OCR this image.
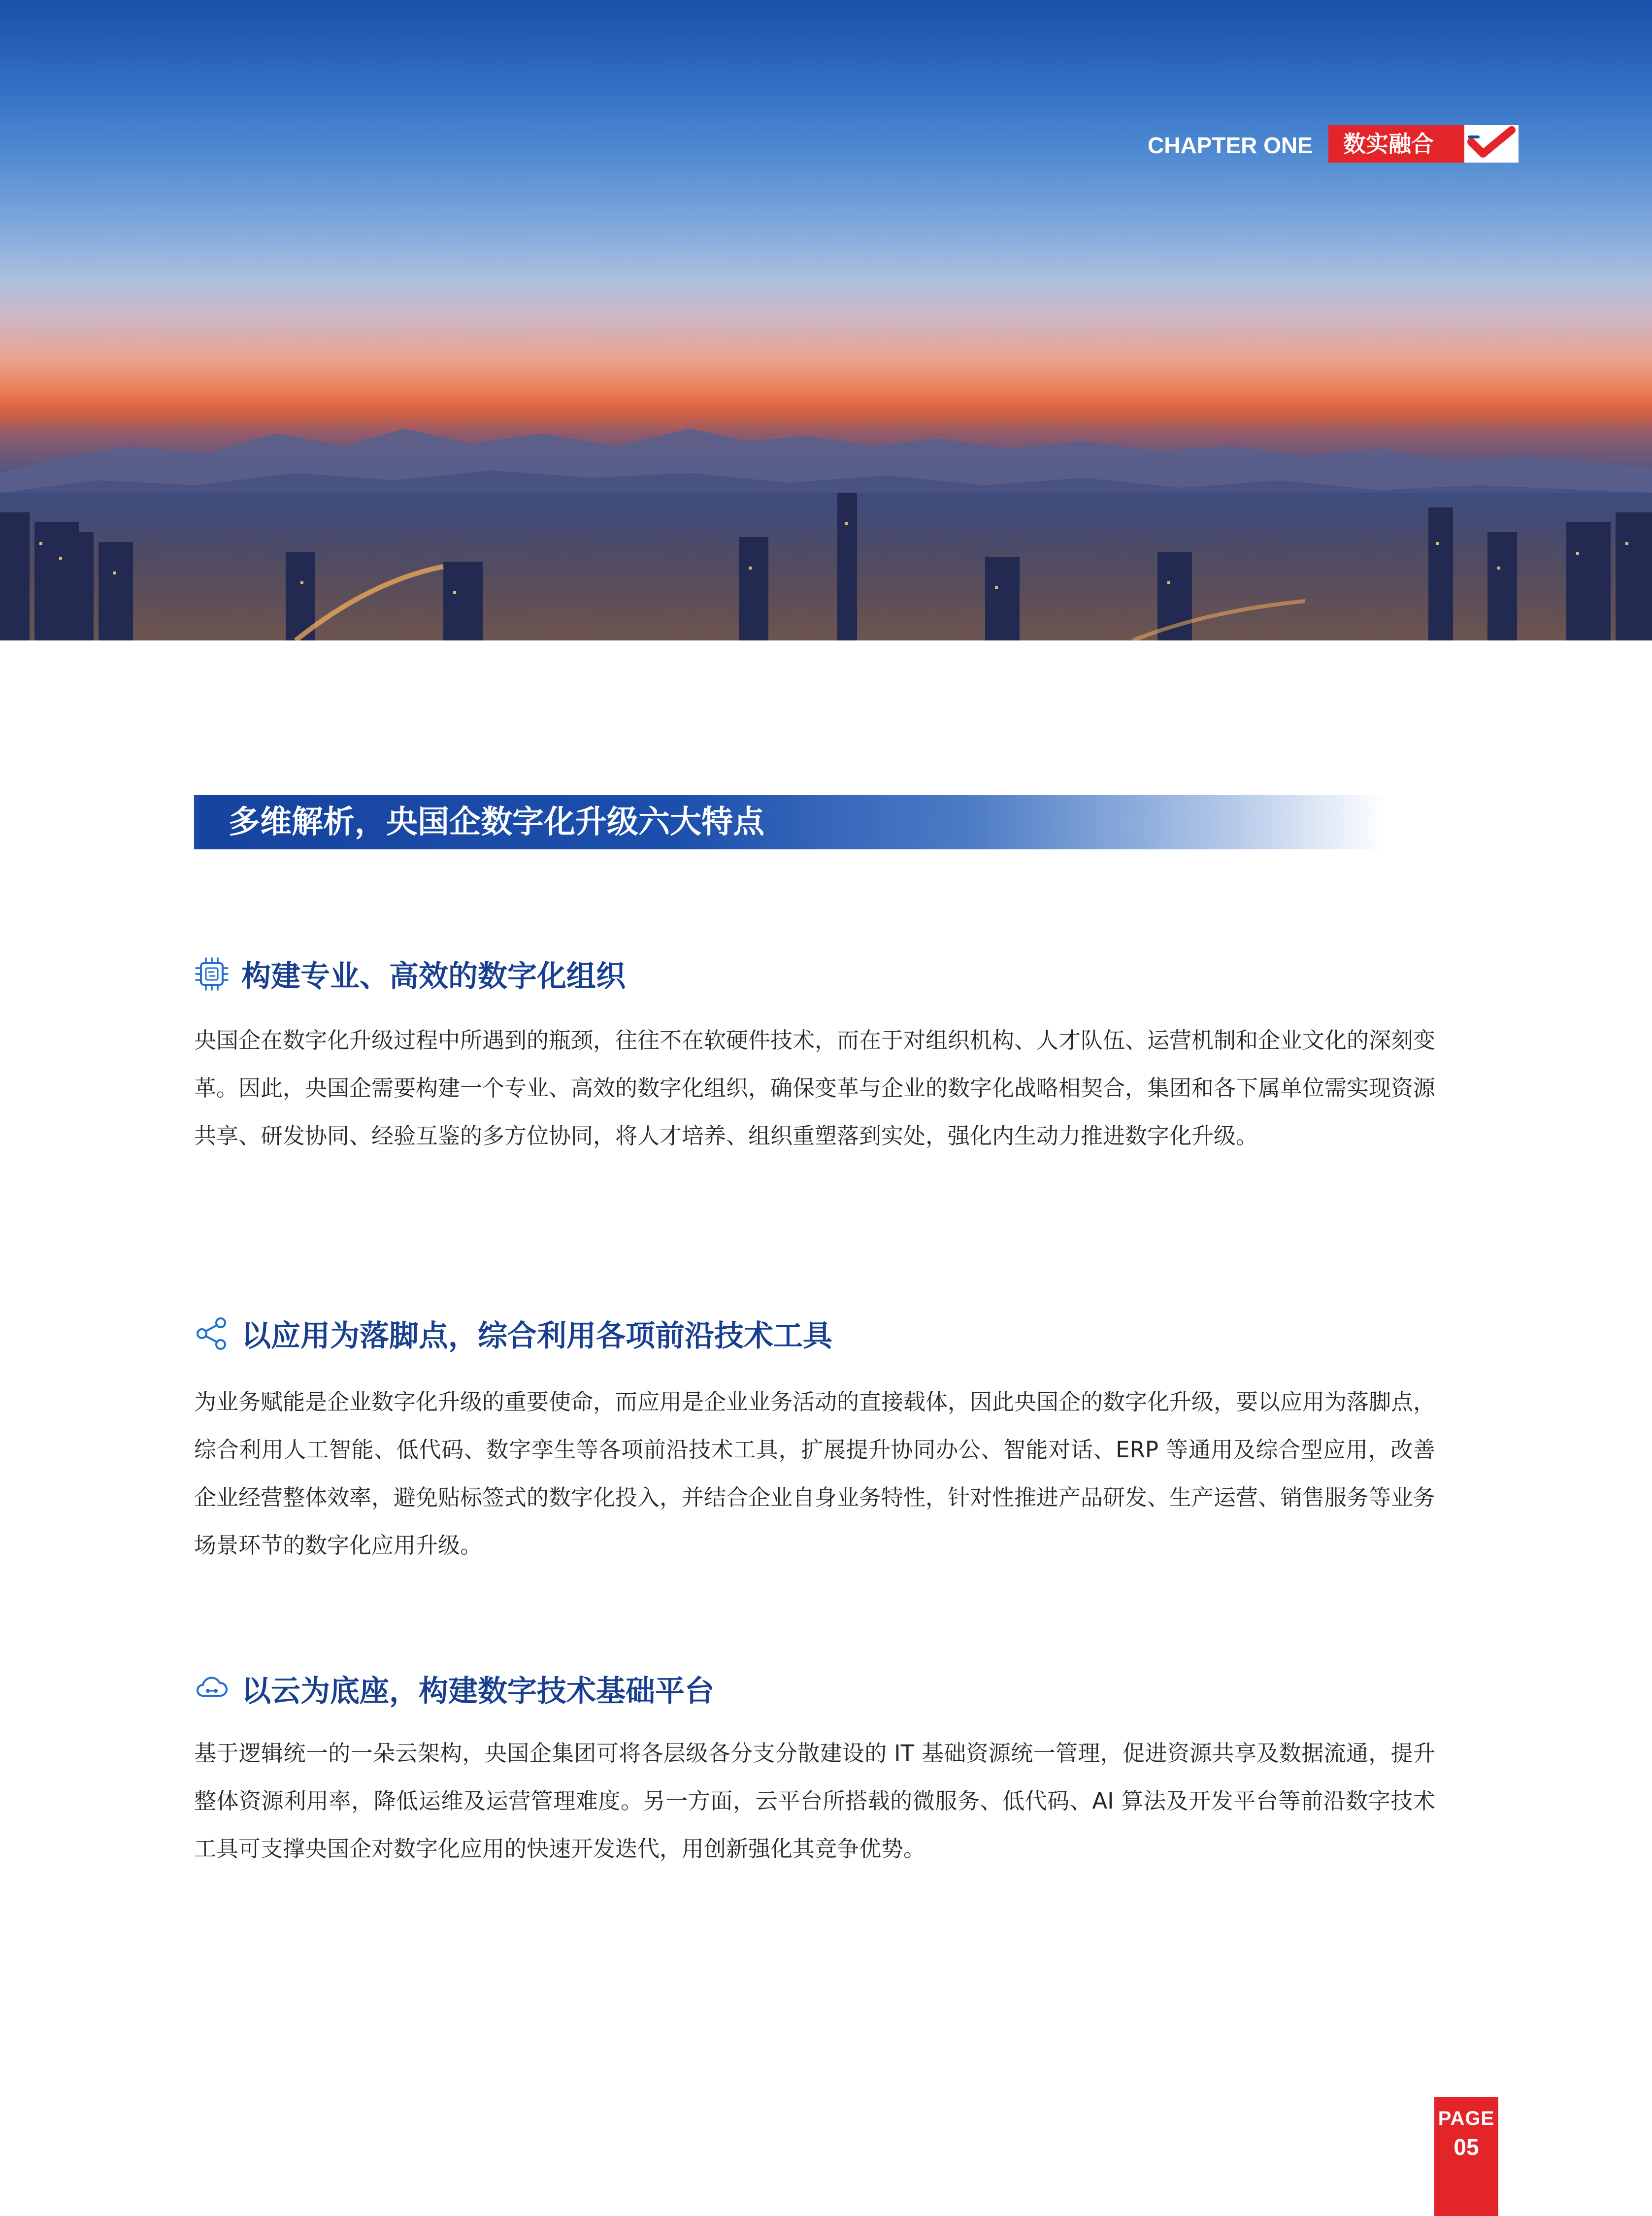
CHAPTER ONE	数实融合
多维解析，央国企数字化升级六大特点
构建专业、高效的数字化组织

央国企在数字化升级过程中所遇到的瓶颈，往往不在软硬件技术，而在于对组织机构、人才队伍、运营机制和企业文化的深刻变革。因此，央国企需要构建一个专业、高效的数字化组织，确保变革与企业的数字化战略相契合，集团和各下属单位需实现资源共享、研发协同、经验互鉴的多方位协同，将人才培养、组织重塑落到实处，强化内生动力推进数字化升级。

以应用为落脚点，综合利用各项前沿技术工具

为业务赋能是企业数字化升级的重要使命，而应用是企业业务活动的直接载体，因此央国企的数字化升级，要以应用为落脚点，综合利用人工智能、低代码、数字孪生等各项前沿技术工具，扩展提升协同办公、智能对话、ERP 等通用及综合型应用，改善企业经营整体效率，避免贴标签式的数字化投入，并结合企业自身业务特性，针对性推进产品研发、生产运营、销售服务等业务场景环节的数字化应用升级。

以云为底座，构建数字技术基础平台

基于逻辑统一的一朵云架构，央国企集团可将各层级各分支分散建设的 IT 基础资源统一管理，促进资源共享及数据流通，提升整体资源利用率，降低运维及运营管理难度。另一方面，云平台所搭载的微服务、低代码、AI 算法及开发平台等前沿数字技术工具可支撑央国企对数字化应用的快速开发迭代，用创新强化其竞争优势。

PAGE
05
